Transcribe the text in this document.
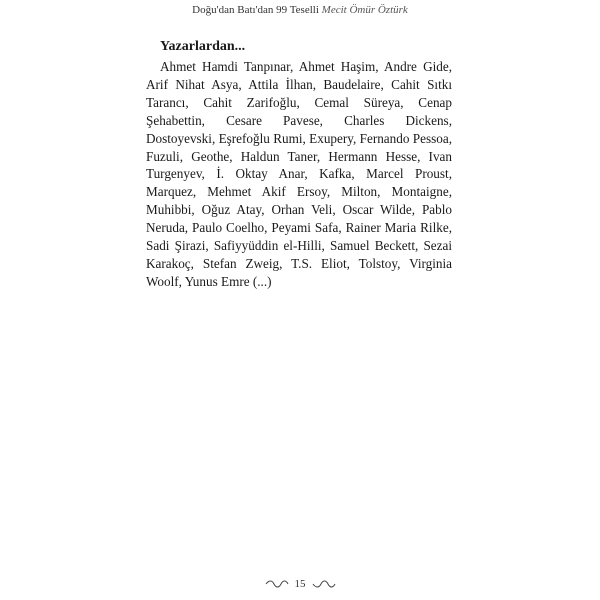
Doğu'dan Batı'dan 99 Teselli Mecit Ömür Öztürk
Yazarlardan...

Ahmet Hamdi Tanpınar, Ahmet Haşim, Andre Gide, Arif Nihat Asya, Attila İlhan, Baudelaire, Cahit Sıtkı Tarancı, Cahit Zarifoğlu, Cemal Süreya, Cenap Şehabettin, Cesare Pavese, Charles Dickens, Dostoyevski, Eşrefoğlu Rumi, Exupery, Fernando Pessoa, Fuzuli, Geothe, Haldun Taner, Hermann Hesse, Ivan Turgenyev, İ. Oktay Anar, Kafka, Marcel Proust, Marquez, Mehmet Akif Ersoy, Milton, Montaigne, Muhibbi, Oğuz Atay, Orhan Veli, Oscar Wilde, Pablo Neruda, Paulo Coelho, Peyami Safa, Rainer Maria Rilke, Sadi Şirazi, Safiyyüddin el-Hilli, Samuel Beckett, Sezai Karakoç, Stefan Zweig, T.S. Eliot, Tolstoy, Virginia Woolf, Yunus Emre (...)

15
